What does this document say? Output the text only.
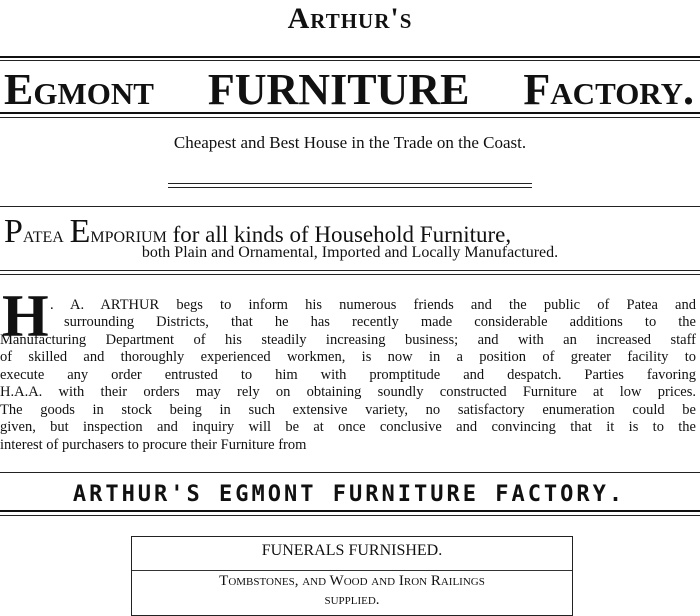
Arthur's
Egmont FURNITURE Factory.
Cheapest and Best House in the Trade on the Coast.
Patea Emporium for all kinds of Household Furniture,
both Plain and Ornamental, Imported and Locally Manufactured.
H . A. ARTHUR begs to inform his numerous friends and the public of Patea and
surrounding Districts, that he has recently made considerable additions to the
Manufacturing Department of his steadily increasing business; and with an increased staff
of skilled and thoroughly experienced workmen, is now in a position of greater facility to
execute any order entrusted to him with promptitude and despatch. Parties favoring
H.A.A. with their orders may rely on obtaining soundly constructed Furniture at low prices.
The goods in stock being in such extensive variety, no satisfactory enumeration could be
given, but inspection and inquiry will be at once conclusive and convincing that it is to the
interest of purchasers to procure their Furniture from
ARTHUR'S EGMONT FURNITURE FACTORY.
FUNERALS FURNISHED.
Tombstones, and Wood and Iron Railings
supplied.
